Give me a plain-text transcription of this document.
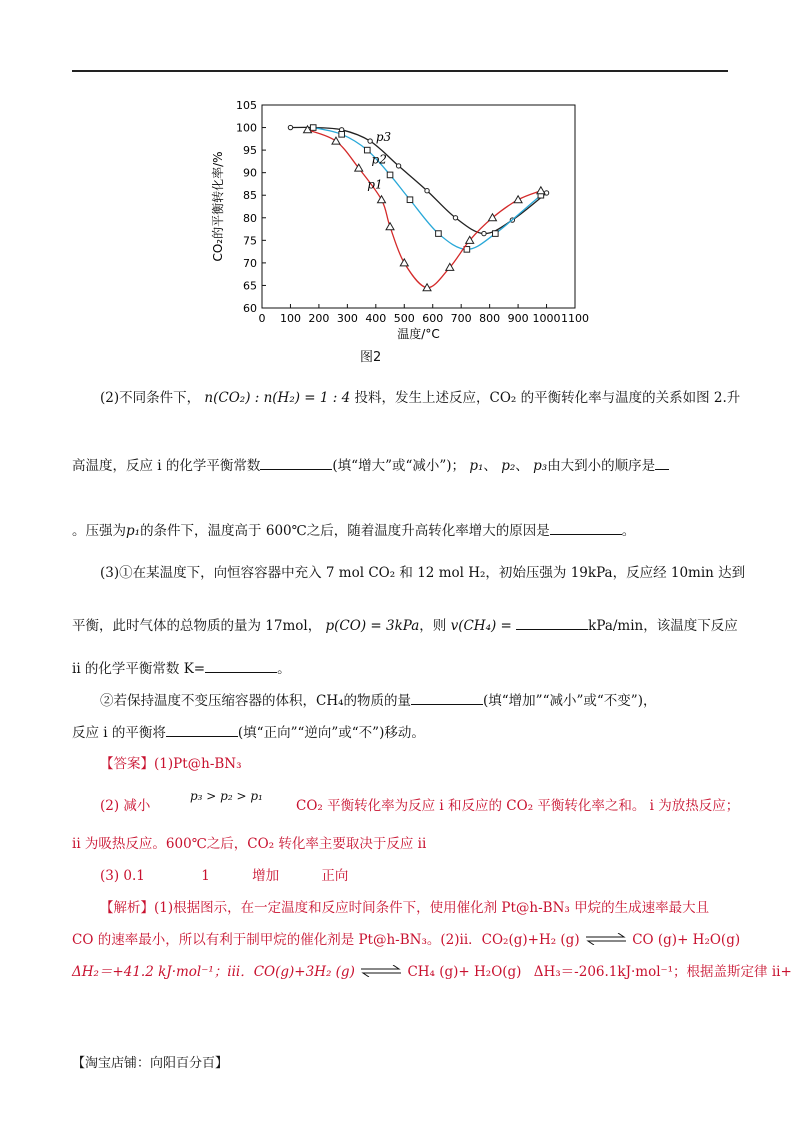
0 100 200 300 400 500 600 700 800 900 1000 1100
60
65
70
75
80
85
90
95
100
105
温度/°C
CO₂的平衡转化率/%
p3
p2
p1
图2
(2)不同条件下， n(CO₂) : n(H₂) = 1 : 4 投料，发生上述反应，CO₂ 的平衡转化率与温度的关系如图 2.升
高温度，反应 i 的化学平衡常数	(填“增大”或“减小”)； p₁、 p₂、 p₃由大到小的顺序是
。压强为p₁的条件下，温度高于 600℃之后，随着温度升高转化率增大的原因是	。
(3)①在某温度下，向恒容容器中充入 7 mol CO₂ 和 12 mol H₂，初始压强为 19kPa，反应经 10min 达到
平衡，此时气体的总物质的量为 17mol， p(CO) = 3kPa，则 v(CH₄) =	kPa/min，该温度下反应
ii 的化学平衡常数 K=	。
②若保持温度不变压缩容器的体积，CH₄的物质的量	(填“增加”“减小”或“不变”)，
反应 i 的平衡将	(填“正向”“逆向”或“不”)移动。
【答案】(1)Pt@h-BN₃
(2) 减小
p₃ > p₂ > p₁
CO₂ 平衡转化率为反应 i 和反应的 CO₂ 平衡转化率之和。 i 为放热反应；
ii 为吸热反应。600℃之后，CO₂ 转化率主要取决于反应 ii
(3) 0.1	1	增加	正向
【解析】(1)根据图示，在一定温度和反应时间条件下，使用催化剂 Pt@h-BN₃ 甲烷的生成速率最大且
CO 的速率最小，所以有利于制甲烷的催化剂是 Pt@h-BN₃。(2)ii．CO₂(g)+H₂ (g) ⇌ CO (g)+ H₂O(g)
ΔH₂＝+41.2 kJ·mol⁻¹；iii．CO(g)+3H₂ (g) ⇌ CH₄ (g)+ H₂O(g) ΔH₃＝-206.1kJ·mol⁻¹；根据盖斯定律 ii+
【淘宝店铺：向阳百分百】
